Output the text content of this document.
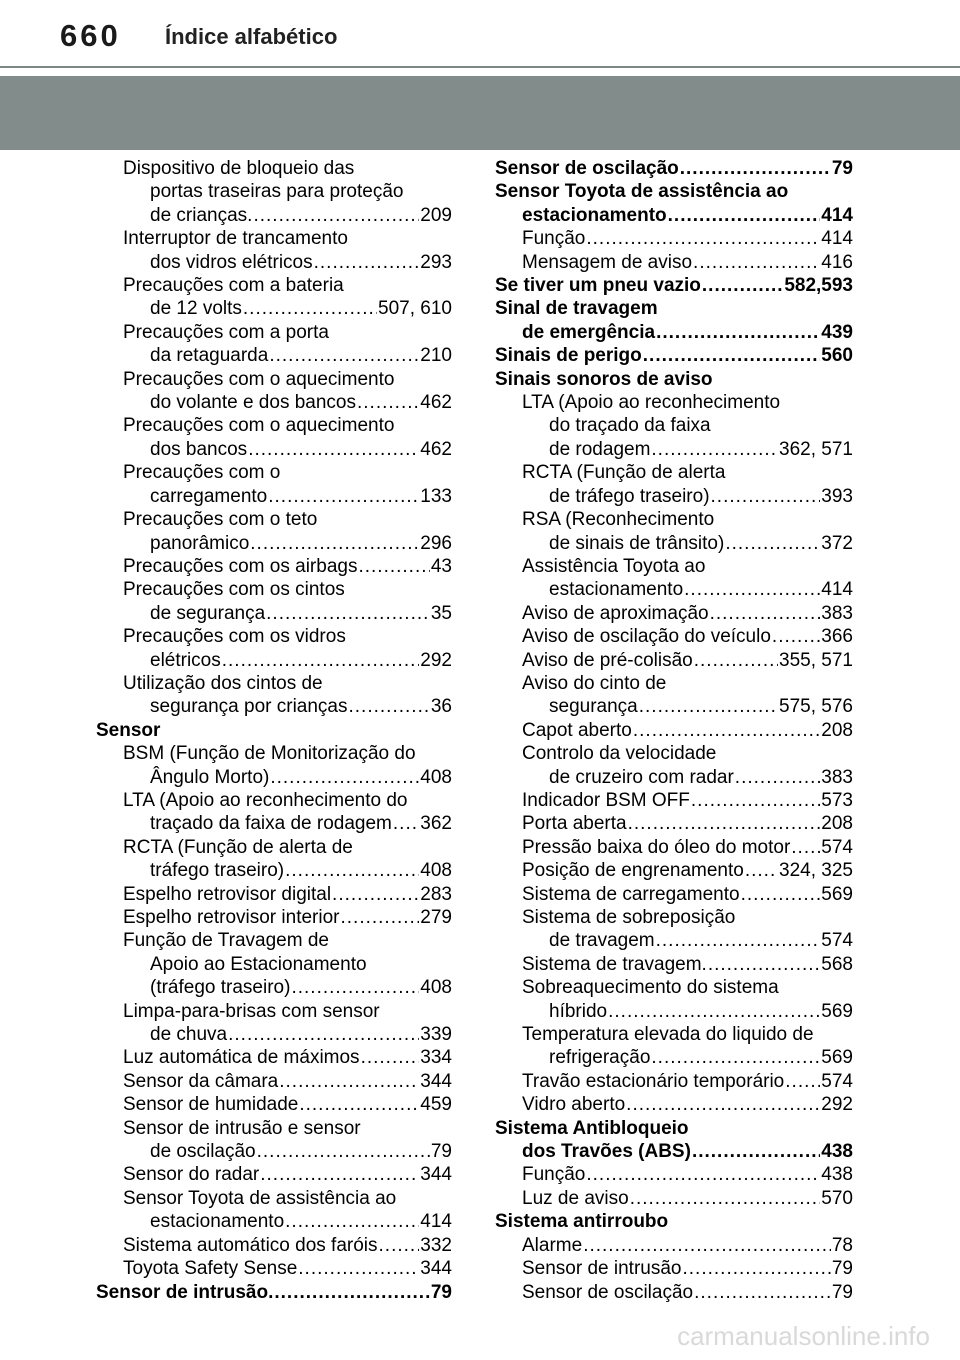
660 Índice alfabético
Dispositivo de bloqueio das
portas traseiras para proteção
de crianças. .....	209
Interruptor de trancamento
dos vidros elétricos .....	293
Precauções com a bateria
de 12 volts .....	507, 610
Precauções com a porta
da retaguarda .....	210
Precauções com o aquecimento
do volante e dos bancos .....	462
Precauções com o aquecimento
dos bancos .....	462
Precauções com o
carregamento .....	133
Precauções com o teto
panorâmico .....	296
Precauções com os airbags .....	43
Precauções com os cintos
de segurança .....	35
Precauções com os vidros
elétricos .....	292
Utilização dos cintos de
segurança por crianças .....	36
Sensor
BSM (Função de Monitorização do
Ângulo Morto) .....	408
LTA (Apoio ao reconhecimento do
traçado da faixa de rodagem ..... 362
RCTA (Função de alerta de
tráfego traseiro) .....	408
Espelho retrovisor digital .....	283
Espelho retrovisor interior .....	279
Função de Travagem de
Apoio ao Estacionamento
(tráfego traseiro) .....	408
Limpa-para-brisas com sensor
de chuva .....	339
Luz automática de máximos .....	334
Sensor da câmara .....	344
Sensor de humidade .....	459
Sensor de intrusão e sensor
de oscilação .....	79
Sensor do radar .....	344
Sensor Toyota de assistência ao
estacionamento .....	414
Sistema automático dos faróis ..... 332
Toyota Safety Sense .....	344
Sensor de intrusão. .....	79
Sensor de oscilação .....	79
Sensor Toyota de assistência ao
estacionamento .....	414
Função .....	414
Mensagem de aviso .....	416
Se tiver um pneu vazio .....	582,593
Sinal de travagem
de emergência .....	439
Sinais de perigo .....	560
Sinais sonoros de aviso
LTA (Apoio ao reconhecimento
do traçado da faixa
de rodagem .....	362, 571
RCTA (Função de alerta
de tráfego traseiro) .....	393
RSA (Reconhecimento
de sinais de trânsito) .....	372
Assistência Toyota ao
estacionamento .....	414
Aviso de aproximação .....	383
Aviso de oscilação do veículo .....	366
Aviso de pré-colisão .....	355, 571
Aviso do cinto de
segurança .....	575, 576
Capot aberto .....	208
Controlo da velocidade
de cruzeiro com radar .....	383
Indicador BSM OFF .....	573
Porta aberta .....	208
Pressão baixa do óleo do motor ..... 574
Posição de engrenamento ..... 324, 325
Sistema de carregamento .....	569
Sistema de sobreposição
de travagem .....	574
Sistema de travagem. .....	568
Sobreaquecimento do sistema
híbrido .....	569
Temperatura elevada do liquido de
refrigeração .....	569
Travão estacionário temporário ..... 574
Vidro aberto .....	292
Sistema Antibloqueio
dos Travões (ABS) .....	438
Função .....	438
Luz de aviso .....	570
Sistema antirroubo
Alarme .....	78
Sensor de intrusão .....	79
Sensor de oscilação .....	79
carmanualsonline.info
